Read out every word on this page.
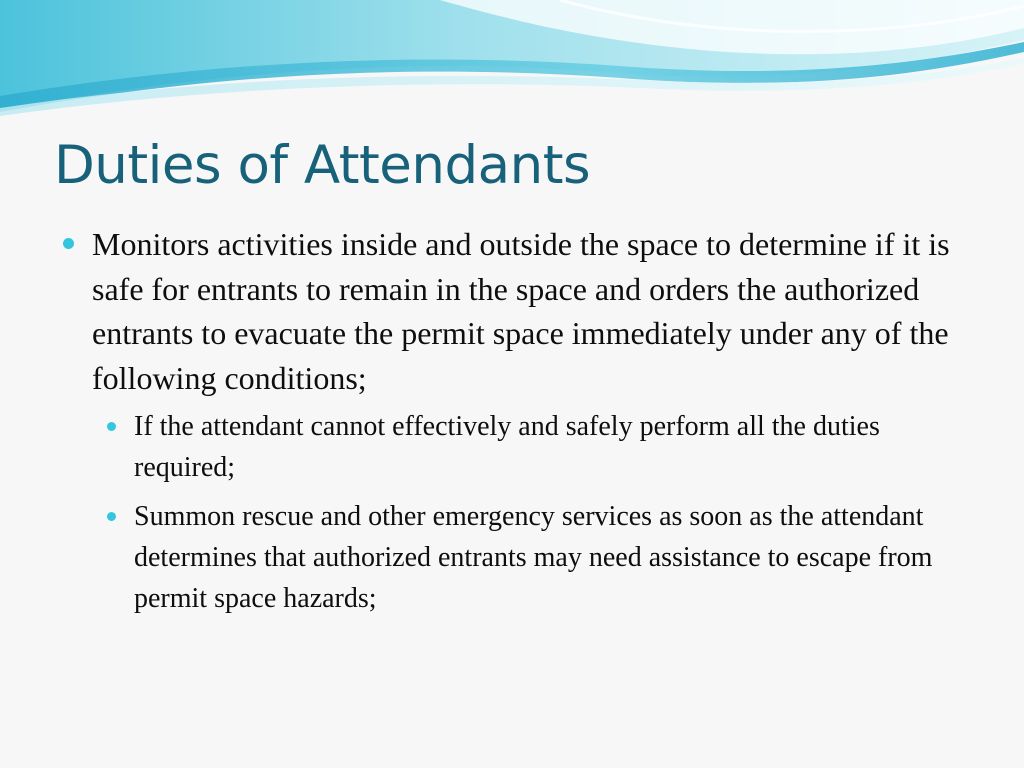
Duties of Attendants
Monitors activities inside and outside the space to determine if it is safe for entrants to remain in the space and orders the authorized entrants to evacuate the permit space immediately under any of the following conditions;
If the attendant cannot effectively and safely perform all the duties required;
Summon rescue and other emergency services as soon as the attendant determines that authorized entrants may need assistance to escape from permit space hazards;
